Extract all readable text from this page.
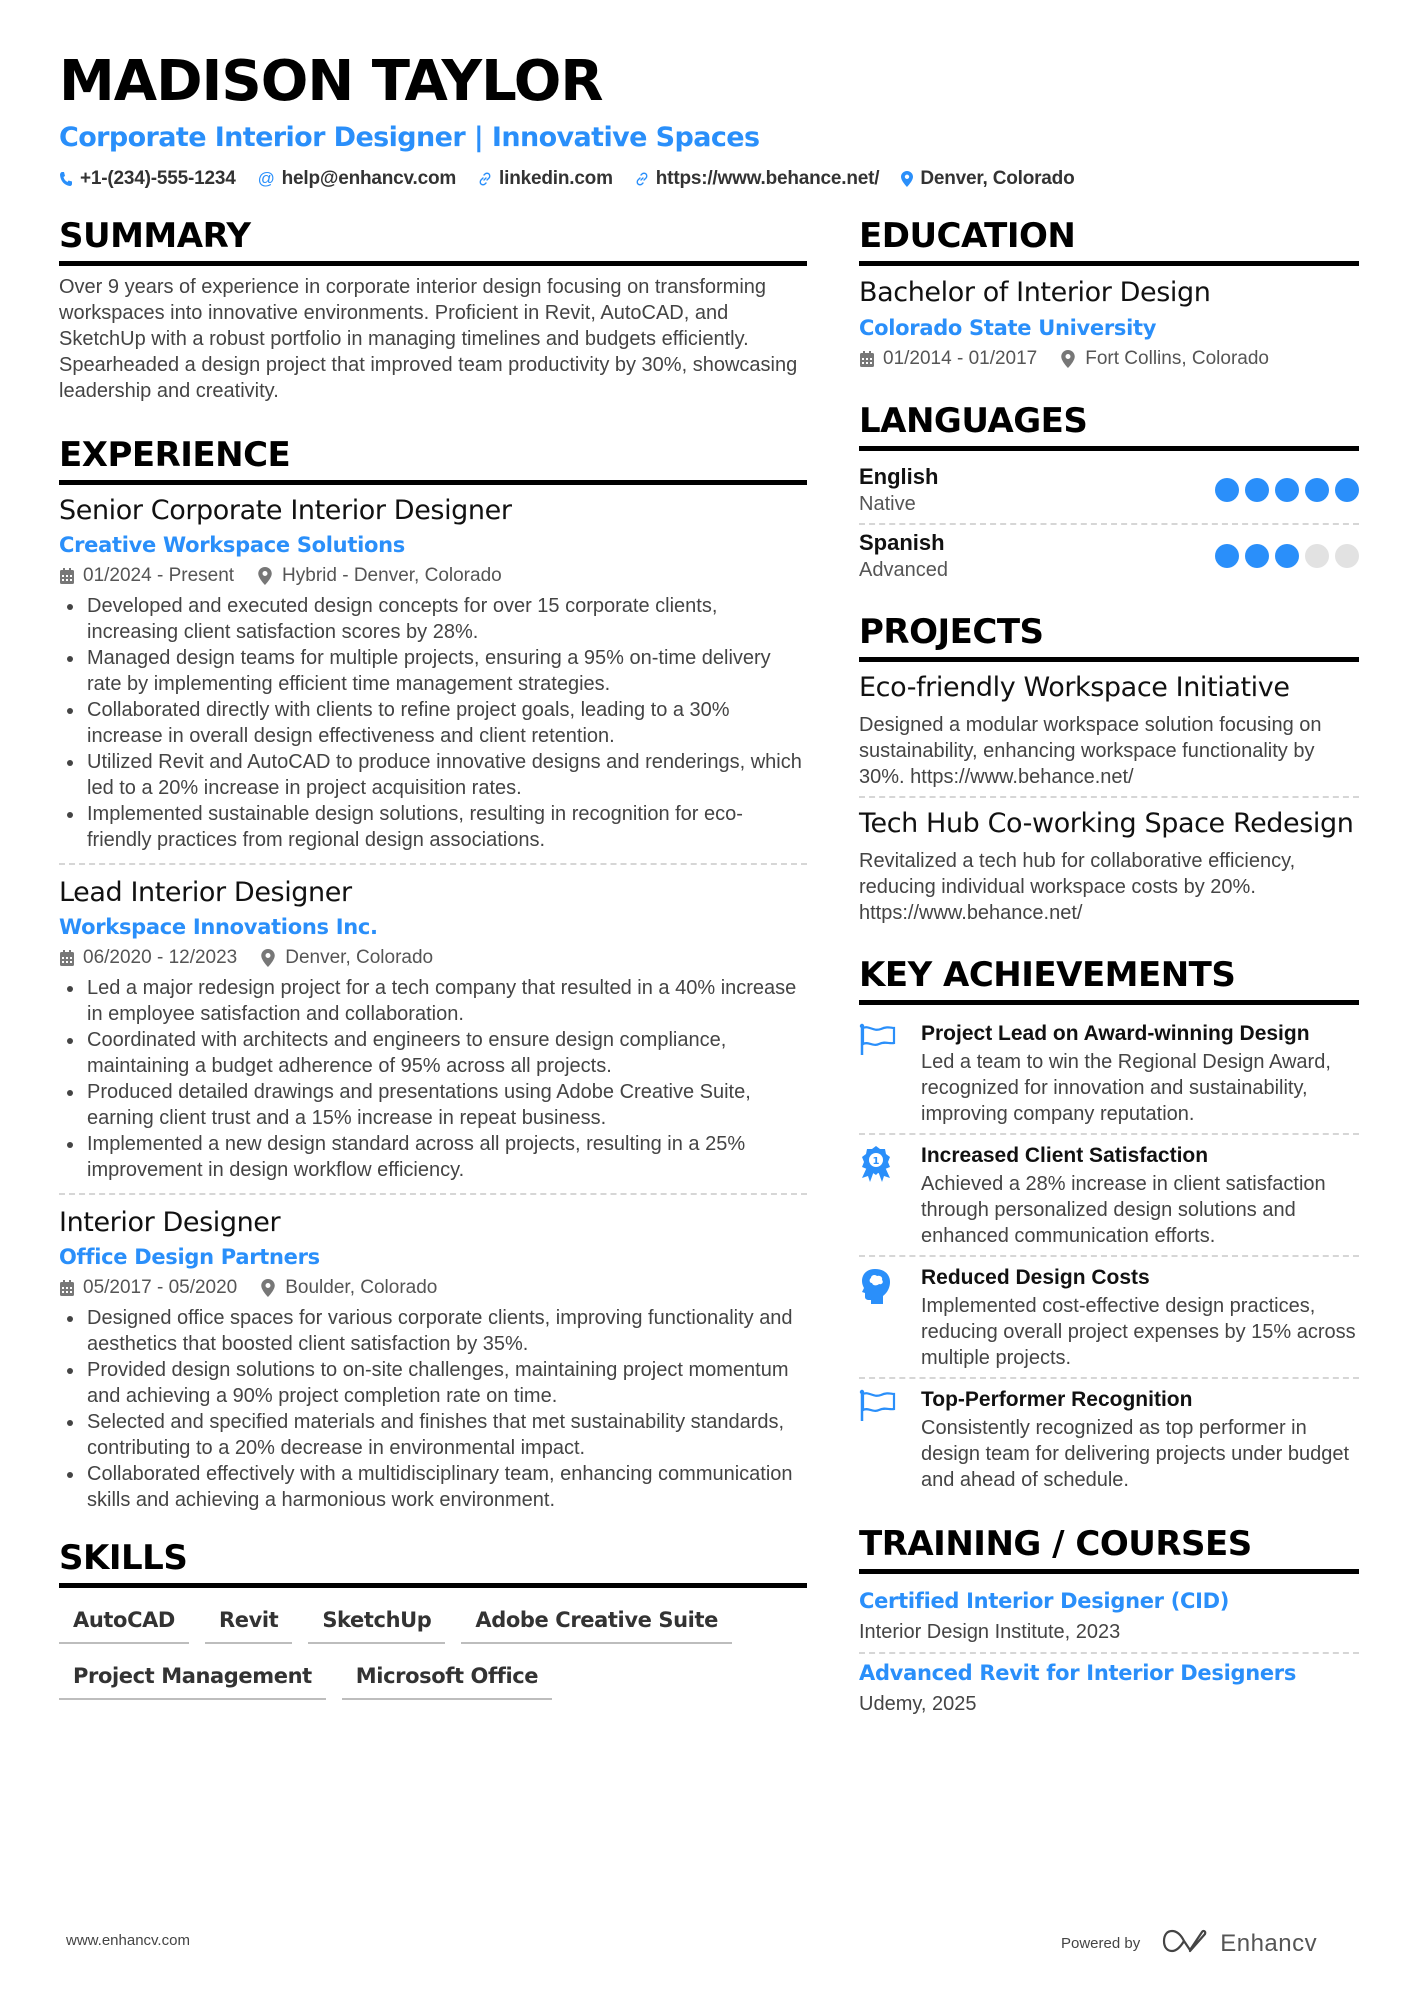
MADISON TAYLOR
Corporate Interior Designer | Innovative Spaces
+1-(234)-555-1234 @ help@enhancv.com linkedin.com https://www.behance.net/ Denver, Colorado
SUMMARY

Over 9 years of experience in corporate interior design focusing on transforming workspaces into innovative environments. Proficient in Revit, AutoCAD, and SketchUp with a robust portfolio in managing timelines and budgets efficiently. Spearheaded a design project that improved team productivity by 30%, showcasing leadership and creativity.

EXPERIENCE
Senior Corporate Interior Designer
Creative Workspace Solutions
01/2024 - Present	Hybrid - Denver, Colorado
Developed and executed design concepts for over 15 corporate clients, increasing client satisfaction scores by 28%.
Managed design teams for multiple projects, ensuring a 95% on-time delivery rate by implementing efficient time management strategies.
Collaborated directly with clients to refine project goals, leading to a 30% increase in overall design effectiveness and client retention.
Utilized Revit and AutoCAD to produce innovative designs and renderings, which led to a 20% increase in project acquisition rates.
Implemented sustainable design solutions, resulting in recognition for eco-friendly practices from regional design associations.
Lead Interior Designer
Workspace Innovations Inc.
06/2020 - 12/2023	Denver, Colorado
Led a major redesign project for a tech company that resulted in a 40% increase in employee satisfaction and collaboration.
Coordinated with architects and engineers to ensure design compliance, maintaining a budget adherence of 95% across all projects.
Produced detailed drawings and presentations using Adobe Creative Suite, earning client trust and a 15% increase in repeat business.
Implemented a new design standard across all projects, resulting in a 25% improvement in design workflow efficiency.
Interior Designer
Office Design Partners
05/2017 - 05/2020	Boulder, Colorado
Designed office spaces for various corporate clients, improving functionality and aesthetics that boosted client satisfaction by 35%.
Provided design solutions to on-site challenges, maintaining project momentum and achieving a 90% project completion rate on time.
Selected and specified materials and finishes that met sustainability standards, contributing to a 20% decrease in environmental impact.
Collaborated effectively with a multidisciplinary team, enhancing communication skills and achieving a harmonious work environment.
SKILLS
AutoCAD	Revit	SketchUp	Adobe Creative Suite
Project Management	Microsoft Office
EDUCATION
Bachelor of Interior Design
Colorado State University
01/2014 - 01/2017	Fort Collins, Colorado
LANGUAGES
English
Native
Spanish
Advanced
PROJECTS
Eco-friendly Workspace Initiative

Designed a modular workspace solution focusing on sustainability, enhancing workspace functionality by 30%. https://www.behance.net/

Tech Hub Co-working Space Redesign

Revitalized a tech hub for collaborative efficiency, reducing individual workspace costs by 20%. https://www.behance.net/

KEY ACHIEVEMENTS
Project Lead on Award-winning Design

Led a team to win the Regional Design Award, recognized for innovation and sustainability, improving company reputation.

1 Increased Client Satisfaction

Achieved a 28% increase in client satisfaction through personalized design solutions and enhanced communication efforts.

Reduced Design Costs

Implemented cost-effective design practices, reducing overall project expenses by 15% across multiple projects.

Top-Performer Recognition

Consistently recognized as top performer in design team for delivering projects under budget and ahead of schedule.

TRAINING / COURSES
Certified Interior Designer (CID)
Interior Design Institute, 2023
Advanced Revit for Interior Designers
Udemy, 2025
www.enhancv.com	Powered by	Enhancv
